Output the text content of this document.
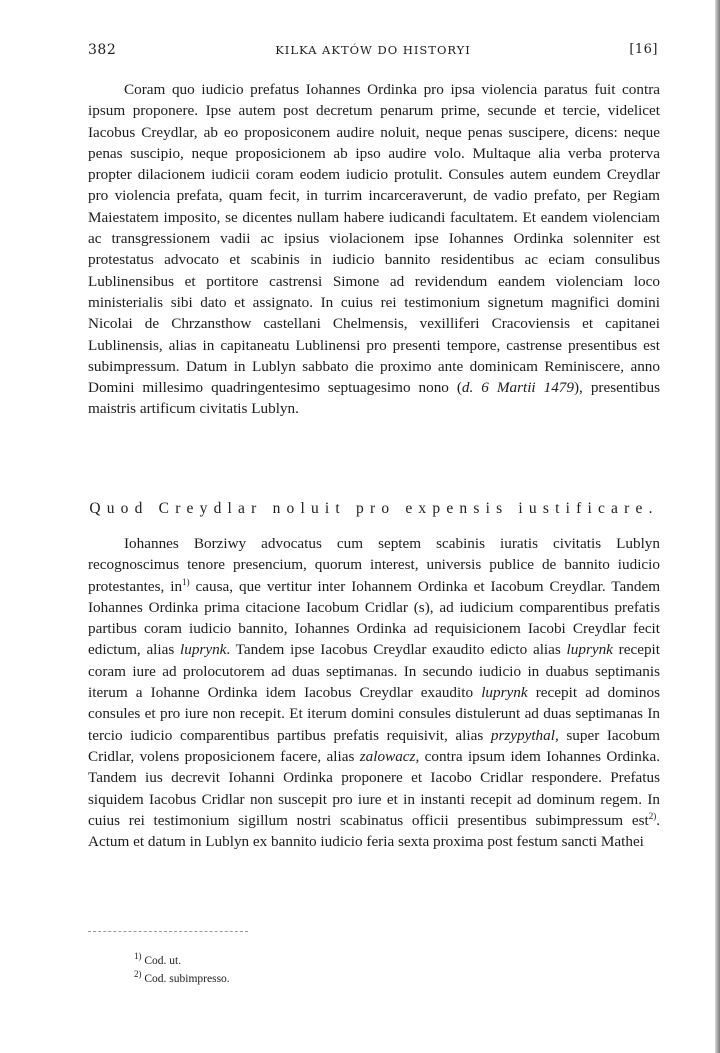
382	KILKA AKTÓW DO HISTORYI	[16]

Coram quo iudicio prefatus Iohannes Ordinka pro ipsa violencia paratus fuit contra ipsum proponere. Ipse autem post decretum penarum prime, secunde et tercie, videlicet Iacobus Creydlar, ab eo proposiconem audire noluit, neque penas suscipere, dicens: neque penas suscipio, neque proposicionem ab ipso audire volo. Multaque alia verba proterva propter dilacionem iudicii coram eodem iudicio protulit. Consules autem eundem Creydlar pro violencia prefata, quam fecit, in turrim incarceraverunt, de vadio prefato, per Regiam Maiestatem imposito, se dicentes nullam habere iudicandi facultatem. Et eandem violenciam ac transgressionem vadii ac ipsius violacionem ipse Iohannes Ordinka solenniter est protestatus advocato et scabinis in iudicio bannito residentibus ac eciam consulibus Lublinensibus et portitore castrensi Simone ad revidendum eandem violenciam loco ministerialis sibi dato et assignato. In cuius rei testimonium signetum magnifici domini Nicolai de Chrzansthow castellani Chelmensis, vexilliferi Cracoviensis et capitanei Lublinensis, alias in capitaneatu Lublinensi pro presenti tempore, castrense presentibus est subimpressum. Datum in Lublyn sabbato die proximo ante dominicam Reminiscere, anno Domini millesimo quadringentesimo septuagesimo nono (d. 6 Martii 1479), presentibus maistris artificum civitatis Lublyn.

Quod Creydlar noluit pro expensis iustificare.

Iohannes Borziwy advocatus cum septem scabinis iuratis civitatis Lublyn recognoscimus tenore presencium, quorum interest, universis publice de bannito iudicio protestantes, $in^{1)}$ causa, que vertitur inter Iohannem Ordinka et Iacobum Creydlar. Tandem Iohannes Ordinka prima citacione Iacobum Cridlar (s), ad iudicium comparentibus prefatis partibus coram iudicio bannito, Iohannes Ordinka ad requisicionem Iacobi Creydlar fecit edictum, alias luprynk. Tandem ipse Iacobus Creydlar exaudito edicto alias luprynk recepit coram iure ad prolocutorem ad duas septimanas. In secundo iudicio in duabus septimanis iterum a Iohanne Ordinka idem Iacobus Creydlar exaudito luprynk recepit ad dominos consules et pro iure non recepit. Et iterum domini consules distulerunt ad duas septimanas In tercio iudicio comparentibus partibus prefatis requisivit, alias przypythal, super Iacobum Cridlar, volens proposicionem facere, alias zalowacz, contra ipsum idem Iohannes Ordinka. Tandem ius decrevit Iohanni Ordinka proponere et Iacobo Cridlar respondere. Prefatus siquidem Iacobus Cridlar non suscepit pro iure et in instanti recepit ad dominum regem. In cuius rei testimonium sigillum nostri scabinatus officii presentibus subimpressum est$^{2)}$. Actum et datum in Lublyn ex bannito iudicio feria sexta proxima post festum sancti Mathei

$^{1)}$ Cod. ut.
$^{2)}$ Cod. subimpresso.
